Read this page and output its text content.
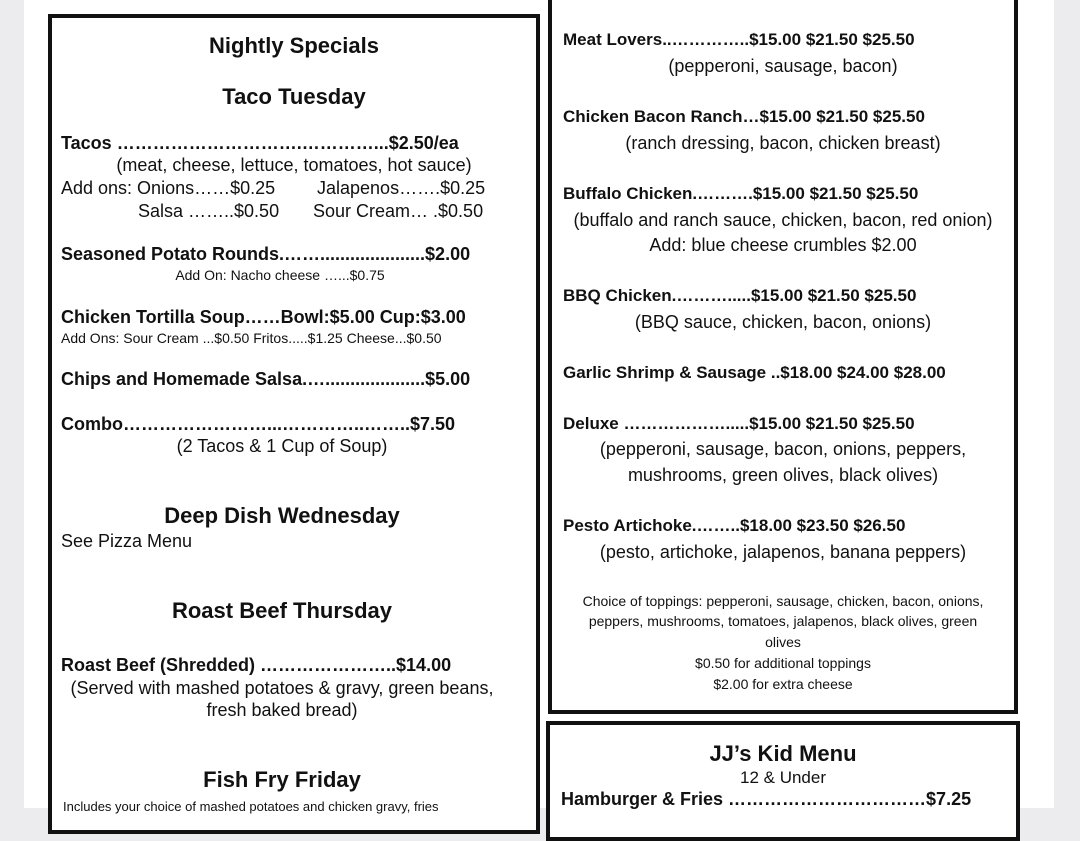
Nightly Specials
Taco Tuesday
Tacos ………………………….…………...$2.50/ea
(meat, cheese, lettuce, tomatoes, hot sauce)
Add ons: Onions……$0.25 Jalapenos…….$0.25
Salsa ……..$0.50 Sour Cream… .$0.50
Seasoned Potato Rounds.…….....................$2.00
Add On: Nacho cheese …...$0.75
Chicken Tortilla Soup……Bowl:$5.00 Cup:$3.00
Add Ons: Sour Cream ...$0.50 Fritos.....$1.25 Cheese...$0.50
Chips and Homemade Salsa.…....................$5.00
Combo……………………...…………..……..$7.50
(2 Tacos & 1 Cup of Soup)
Deep Dish Wednesday
See Pizza Menu
Roast Beef Thursday
Roast Beef (Shredded) …………………..$14.00
(Served with mashed potatoes & gravy, green beans,
fresh baked bread)
Fish Fry Friday
Includes your choice of mashed potatoes and chicken gravy, fries
Meat Lovers..…………..$15.00 $21.50 $25.50
(pepperoni, sausage, bacon)
Chicken Bacon Ranch…$15.00 $21.50 $25.50
(ranch dressing, bacon, chicken breast)
Buffalo Chicken.……….$15.00 $21.50 $25.50
(buffalo and ranch sauce, chicken, bacon, red onion)
Add: blue cheese crumbles $2.00
BBQ Chicken.……….....$15.00 $21.50 $25.50
(BBQ sauce, chicken, bacon, onions)
Garlic Shrimp & Sausage ..$18.00 $24.00 $28.00
Deluxe ……………….....$15.00 $21.50 $25.50
(pepperoni, sausage, bacon, onions, peppers,
mushrooms, green olives, black olives)
Pesto Artichoke.……..$18.00 $23.50 $26.50
(pesto, artichoke, jalapenos, banana peppers)
Choice of toppings: pepperoni, sausage, chicken, bacon, onions,
peppers, mushrooms, tomatoes, jalapenos, black olives, green
olives
$0.50 for additional toppings
$2.00 for extra cheese
JJ’s Kid Menu
12 & Under
Hamburger & Fries ……………………………$7.25
